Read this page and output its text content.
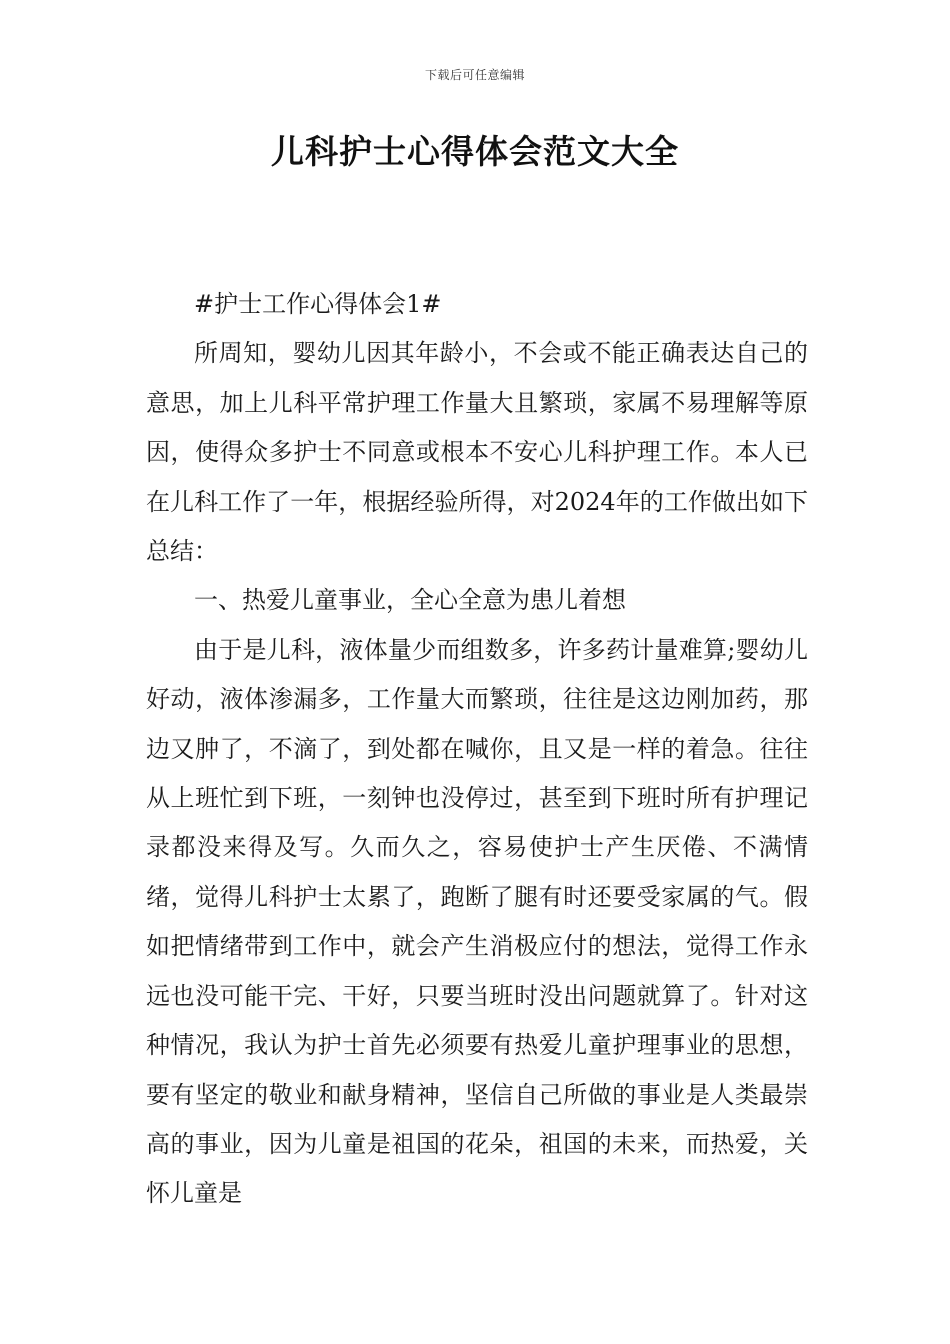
下载后可任意编辑
儿科护士心得体会范文大全

#护士工作心得体会1#

所周知，婴幼儿因其年龄小，不会或不能正确表达自己的意思，加上儿科平常护理工作量大且繁琐，家属不易理解等原因，使得众多护士不同意或根本不安心儿科护理工作。本人已在儿科工作了一年，根据经验所得，对2024年的工作做出如下总结：

一、热爱儿童事业，全心全意为患儿着想

由于是儿科，液体量少而组数多，许多药计量难算;婴幼儿好动，液体渗漏多，工作量大而繁琐，往往是这边刚加药，那边又肿了，不滴了，到处都在喊你，且又是一样的着急。往往从上班忙到下班，一刻钟也没停过，甚至到下班时所有护理记录都没来得及写。久而久之，容易使护士产生厌倦、不满情绪，觉得儿科护士太累了，跑断了腿有时还要受家属的气。假如把情绪带到工作中，就会产生消极应付的想法，觉得工作永远也没可能干完、干好，只要当班时没出问题就算了。针对这种情况，我认为护士首先必须要有热爱儿童护理事业的思想，要有坚定的敬业和献身精神，坚信自己所做的事业是人类最崇高的事业，因为儿童是祖国的花朵，祖国的未来，而热爱，关怀儿童是
